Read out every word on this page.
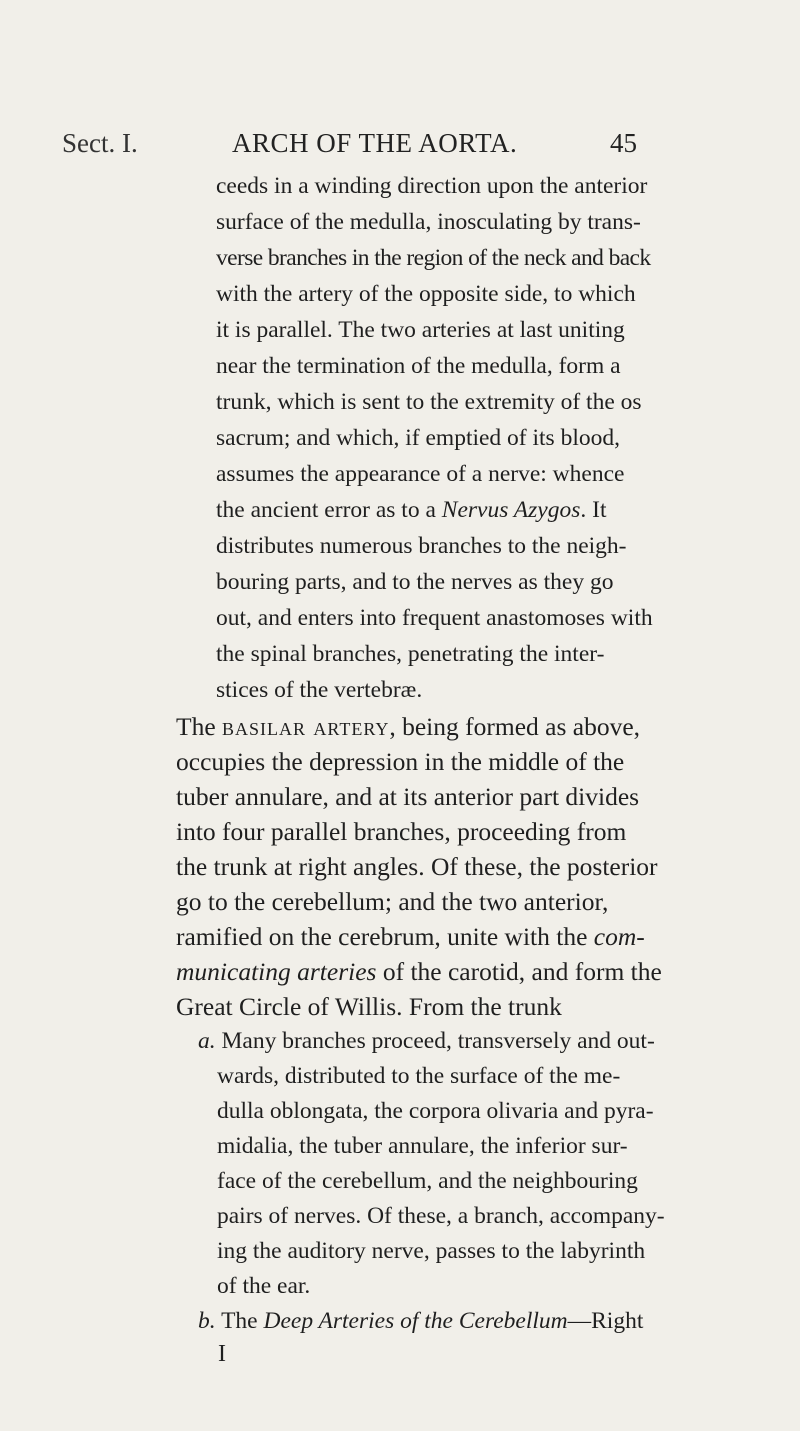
Sect. I.	ARCH OF THE AORTA.	45
ceeds in a winding direction upon the anterior
surface of the medulla, inosculating by trans-
verse branches in the region of the neck and back
with the artery of the opposite side, to which
it is parallel. The two arteries at last uniting
near the termination of the medulla, form a
trunk, which is sent to the extremity of the os
sacrum; and which, if emptied of its blood,
assumes the appearance of a nerve: whence
the ancient error as to a Nervus Azygos. It
distributes numerous branches to the neigh-
bouring parts, and to the nerves as they go
out, and enters into frequent anastomoses with
the spinal branches, penetrating the inter-
stices of the vertebræ.
The basilar artery, being formed as above,
occupies the depression in the middle of the
tuber annulare, and at its anterior part divides
into four parallel branches, proceeding from
the trunk at right angles. Of these, the posterior
go to the cerebellum; and the two anterior,
ramified on the cerebrum, unite with the com-
municating arteries of the carotid, and form the
Great Circle of Willis. From the trunk
a. Many branches proceed, transversely and out-
wards, distributed to the surface of the me-
dulla oblongata, the corpora olivaria and pyra-
midalia, the tuber annulare, the inferior sur-
face of the cerebellum, and the neighbouring
pairs of nerves. Of these, a branch, accompany-
ing the auditory nerve, passes to the labyrinth
of the ear.
b. The Deep Arteries of the Cerebellum—Right
I
